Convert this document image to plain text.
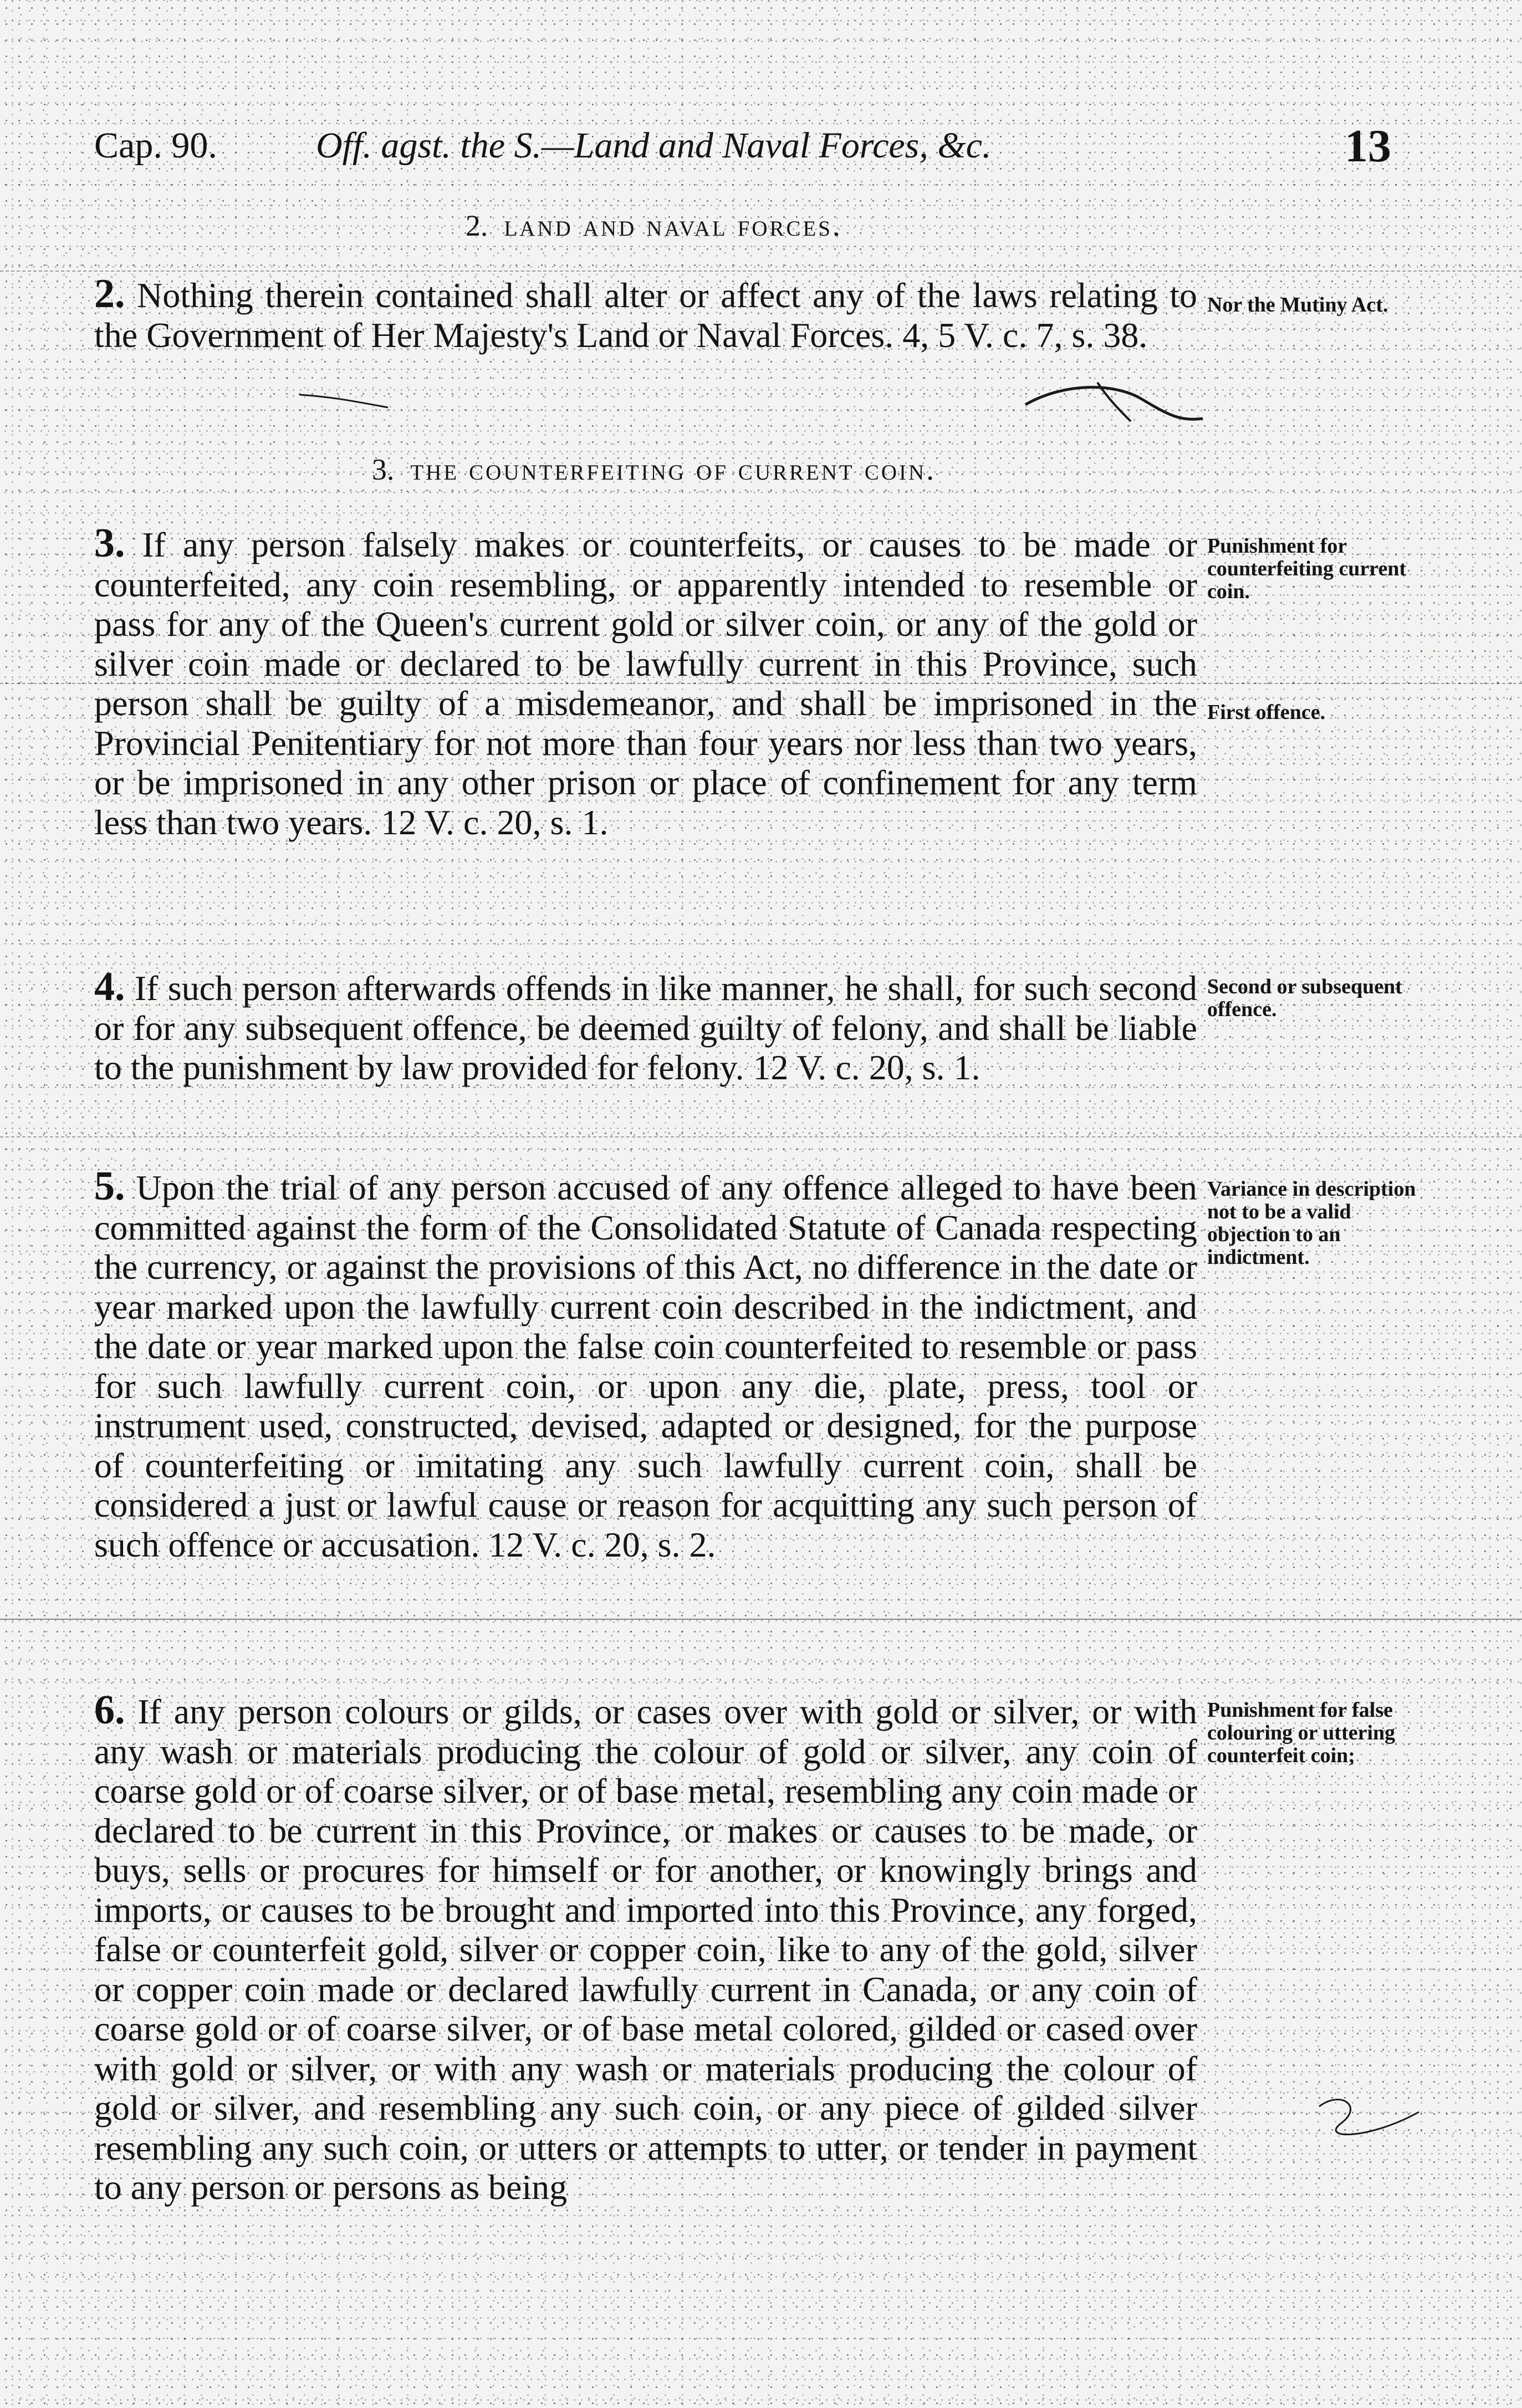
Cap. 90.	Off. agst. the S.—Land and Naval Forces, &c.	13
2. land and naval forces.

2. Nothing therein contained shall alter or affect any of the laws relating to the Government of Her Majesty's Land or Naval Forces. 4, 5 V. c. 7, s. 38.

Nor the Mutiny Act.
3. the counterfeiting of current coin.

3. If any person falsely makes or counterfeits, or causes to be made or counterfeited, any coin resembling, or apparently intended to resemble or pass for any of the Queen's current gold or silver coin, or any of the gold or silver coin made or declared to be lawfully current in this Province, such person shall be guilty of a misdemeanor, and shall be imprisoned in the Provincial Penitentiary for not more than four years nor less than two years, or be imprisoned in any other prison or place of confinement for any term less than two years. 12 V. c. 20, s. 1.

Punishment for counterfeiting current coin.
First offence.

4. If such person afterwards offends in like manner, he shall, for such second or for any subsequent offence, be deemed guilty of felony, and shall be liable to the punishment by law provided for felony. 12 V. c. 20, s. 1.

Second or subsequent offence.

5. Upon the trial of any person accused of any offence alleged to have been committed against the form of the Consolidated Statute of Canada respecting the currency, or against the provisions of this Act, no difference in the date or year marked upon the lawfully current coin described in the indictment, and the date or year marked upon the false coin counterfeited to resemble or pass for such lawfully current coin, or upon any die, plate, press, tool or instrument used, constructed, devised, adapted or designed, for the purpose of counterfeiting or imitating any such lawfully current coin, shall be considered a just or lawful cause or reason for acquitting any such person of such offence or accusation. 12 V. c. 20, s. 2.

Variance in description not to be a valid objection to an indictment.

6. If any person colours or gilds, or cases over with gold or silver, or with any wash or materials producing the colour of gold or silver, any coin of coarse gold or of coarse silver, or of base metal, resembling any coin made or declared to be current in this Province, or makes or causes to be made, or buys, sells or procures for himself or for another, or knowingly brings and imports, or causes to be brought and imported into this Province, any forged, false or counterfeit gold, silver or copper coin, like to any of the gold, silver or copper coin made or declared lawfully current in Canada, or any coin of coarse gold or of coarse silver, or of base metal colored, gilded or cased over with gold or silver, or with any wash or materials producing the colour of gold or silver, and resembling any such coin, or any piece of gilded silver resembling any such coin, or utters or attempts to utter, or tender in payment to any person or persons as being

Punishment for false colouring or uttering counterfeit coin;
